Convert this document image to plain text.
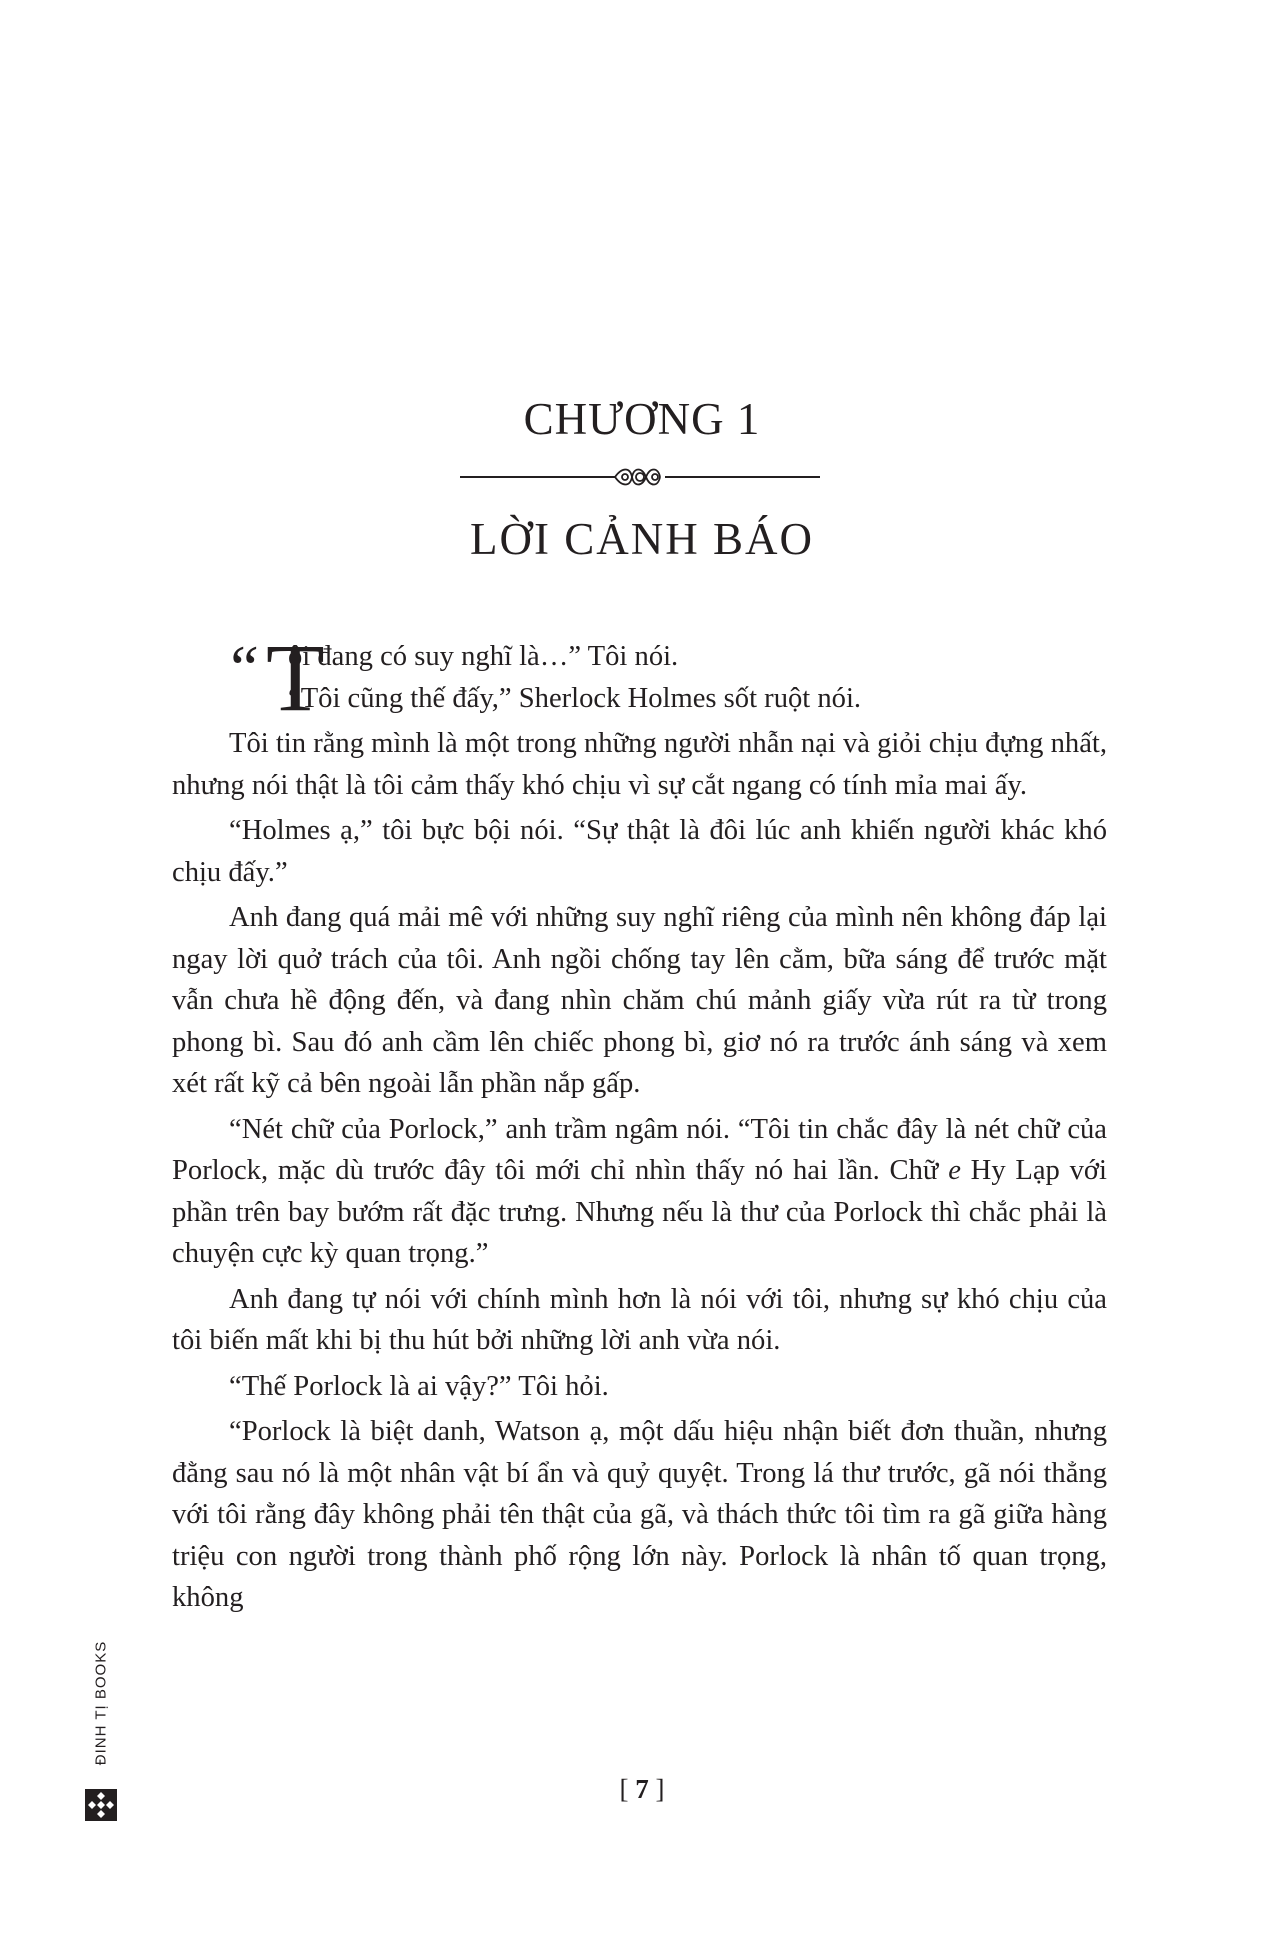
CHƯƠNG 1
LỜI CẢNH BÁO

“ T
ôi đang có suy nghĩ là…” Tôi nói.
“Tôi cũng thế đấy,” Sherlock Holmes sốt ruột nói.

Tôi tin rằng mình là một trong những người nhẫn nại và giỏi chịu đựng nhất, nhưng nói thật là tôi cảm thấy khó chịu vì sự cắt ngang có tính mỉa mai ấy.

“Holmes ạ,” tôi bực bội nói. “Sự thật là đôi lúc anh khiến người khác khó chịu đấy.”

Anh đang quá mải mê với những suy nghĩ riêng của mình nên không đáp lại ngay lời quở trách của tôi. Anh ngồi chống tay lên cằm, bữa sáng để trước mặt vẫn chưa hề động đến, và đang nhìn chăm chú mảnh giấy vừa rút ra từ trong phong bì. Sau đó anh cầm lên chiếc phong bì, giơ nó ra trước ánh sáng và xem xét rất kỹ cả bên ngoài lẫn phần nắp gấp.

“Nét chữ của Porlock,” anh trầm ngâm nói. “Tôi tin chắc đây là nét chữ của Porlock, mặc dù trước đây tôi mới chỉ nhìn thấy nó hai lần. Chữ e Hy Lạp với phần trên bay bướm rất đặc trưng. Nhưng nếu là thư của Porlock thì chắc phải là chuyện cực kỳ quan trọng.”

Anh đang tự nói với chính mình hơn là nói với tôi, nhưng sự khó chịu của tôi biến mất khi bị thu hút bởi những lời anh vừa nói.

“Thế Porlock là ai vậy?” Tôi hỏi.

“Porlock là biệt danh, Watson ạ, một dấu hiệu nhận biết đơn thuần, nhưng đằng sau nó là một nhân vật bí ẩn và quỷ quyệt. Trong lá thư trước, gã nói thẳng với tôi rằng đây không phải tên thật của gã, và thách thức tôi tìm ra gã giữa hàng triệu con người trong thành phố rộng lớn này. Porlock là nhân tố quan trọng, không

[ 7 ]
ĐINH TỊ BOOKS
